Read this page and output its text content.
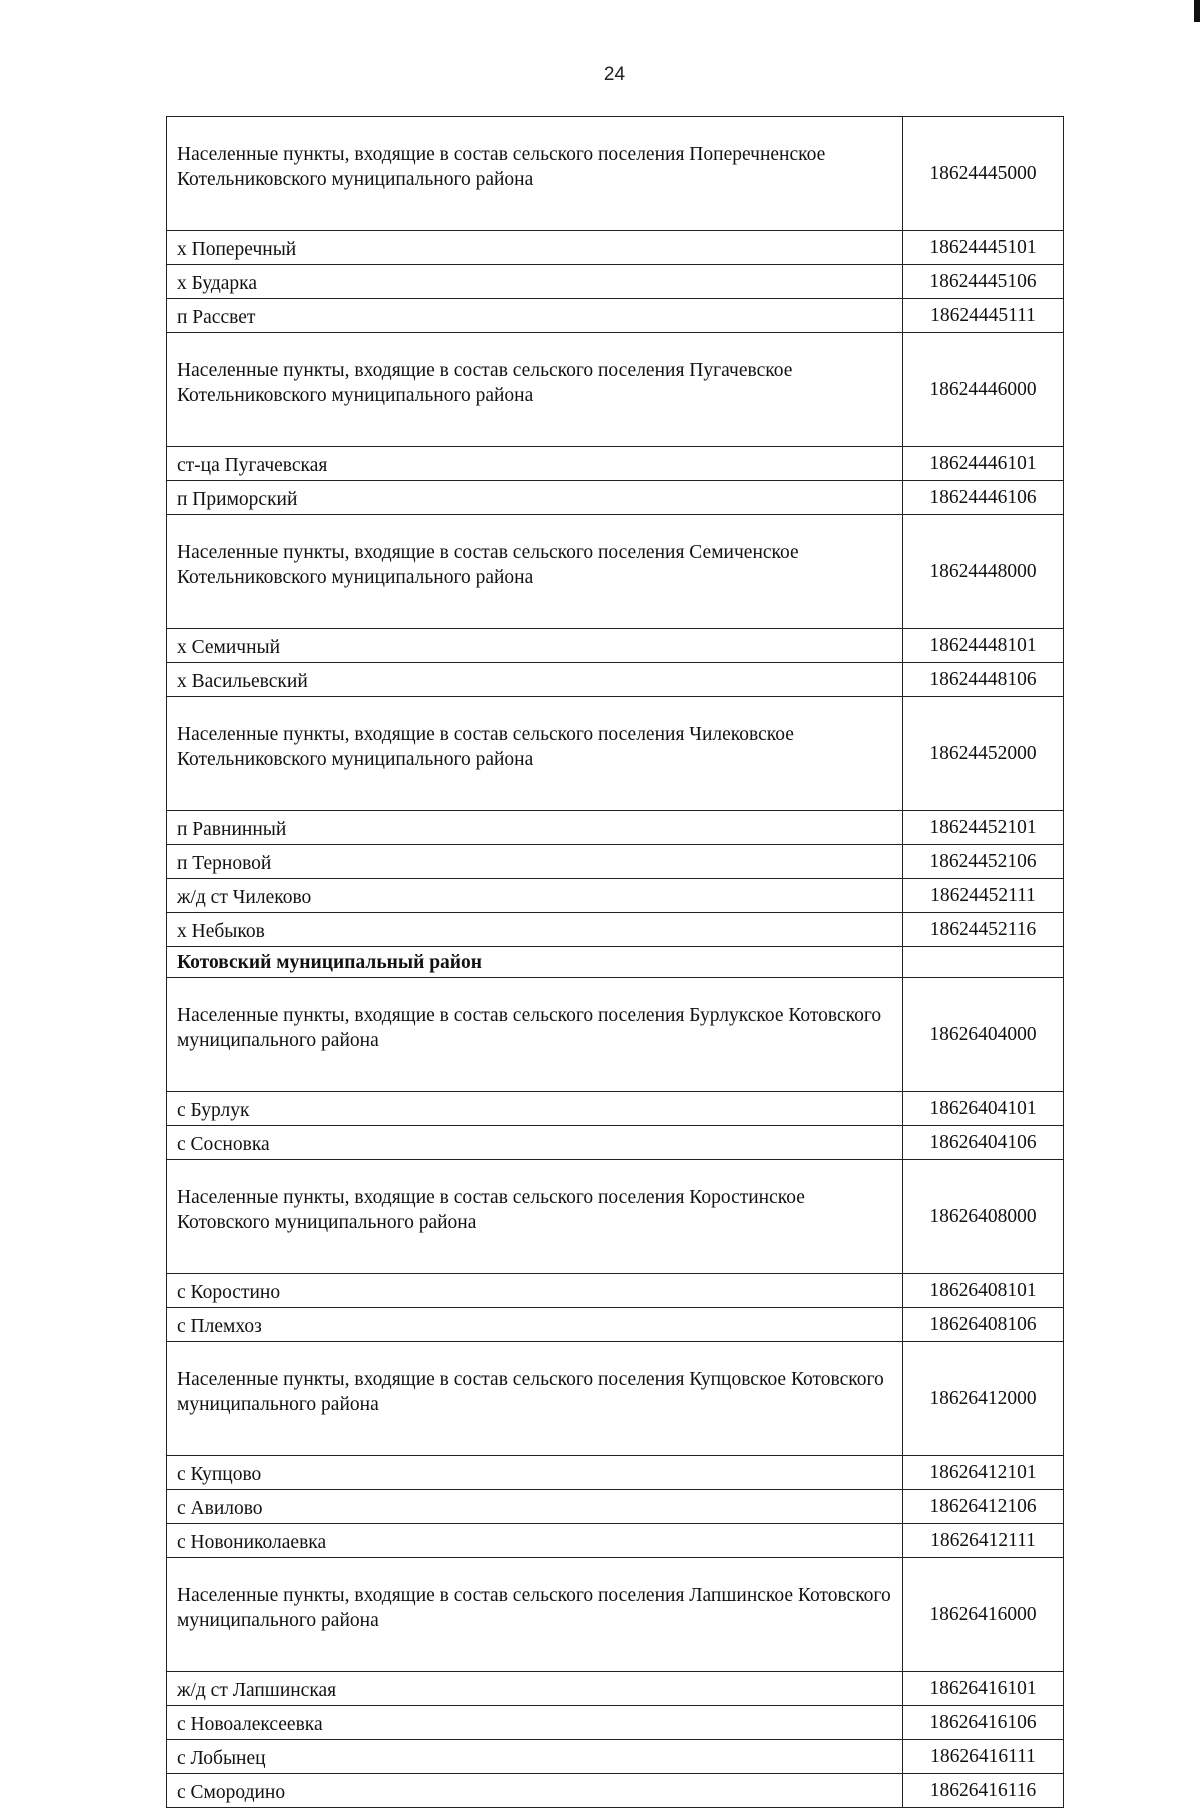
24
Населенные пункты, входящие в состав сельского поселения Поперечненское Котельниковского муниципального района	18624445000
х Поперечный	18624445101
х Бударка	18624445106
п Рассвет	18624445111
Населенные пункты, входящие в состав сельского поселения Пугачевское Котельниковского муниципального района	18624446000
ст-ца Пугачевская	18624446101
п Приморский	18624446106
Населенные пункты, входящие в состав сельского поселения Семиченское Котельниковского муниципального района	18624448000
х Семичный	18624448101
х Васильевский	18624448106
Населенные пункты, входящие в состав сельского поселения Чилековское Котельниковского муниципального района	18624452000
п Равнинный	18624452101
п Терновой	18624452106
ж/д ст Чилеково	18624452111
х Небыков	18624452116
Котовский муниципальный район	
Населенные пункты, входящие в состав сельского поселения Бурлукское Котовского муниципального района	18626404000
с Бурлук	18626404101
с Сосновка	18626404106
Населенные пункты, входящие в состав сельского поселения Коростинское Котовского муниципального района	18626408000
с Коростино	18626408101
с Племхоз	18626408106
Населенные пункты, входящие в состав сельского поселения Купцовское Котовского муниципального района	18626412000
с Купцово	18626412101
с Авилово	18626412106
с Новониколаевка	18626412111
Населенные пункты, входящие в состав сельского поселения Лапшинское Котовского муниципального района	18626416000
ж/д ст Лапшинская	18626416101
с Новоалексеевка	18626416106
с Лобынец	18626416111
с Смородино	18626416116
